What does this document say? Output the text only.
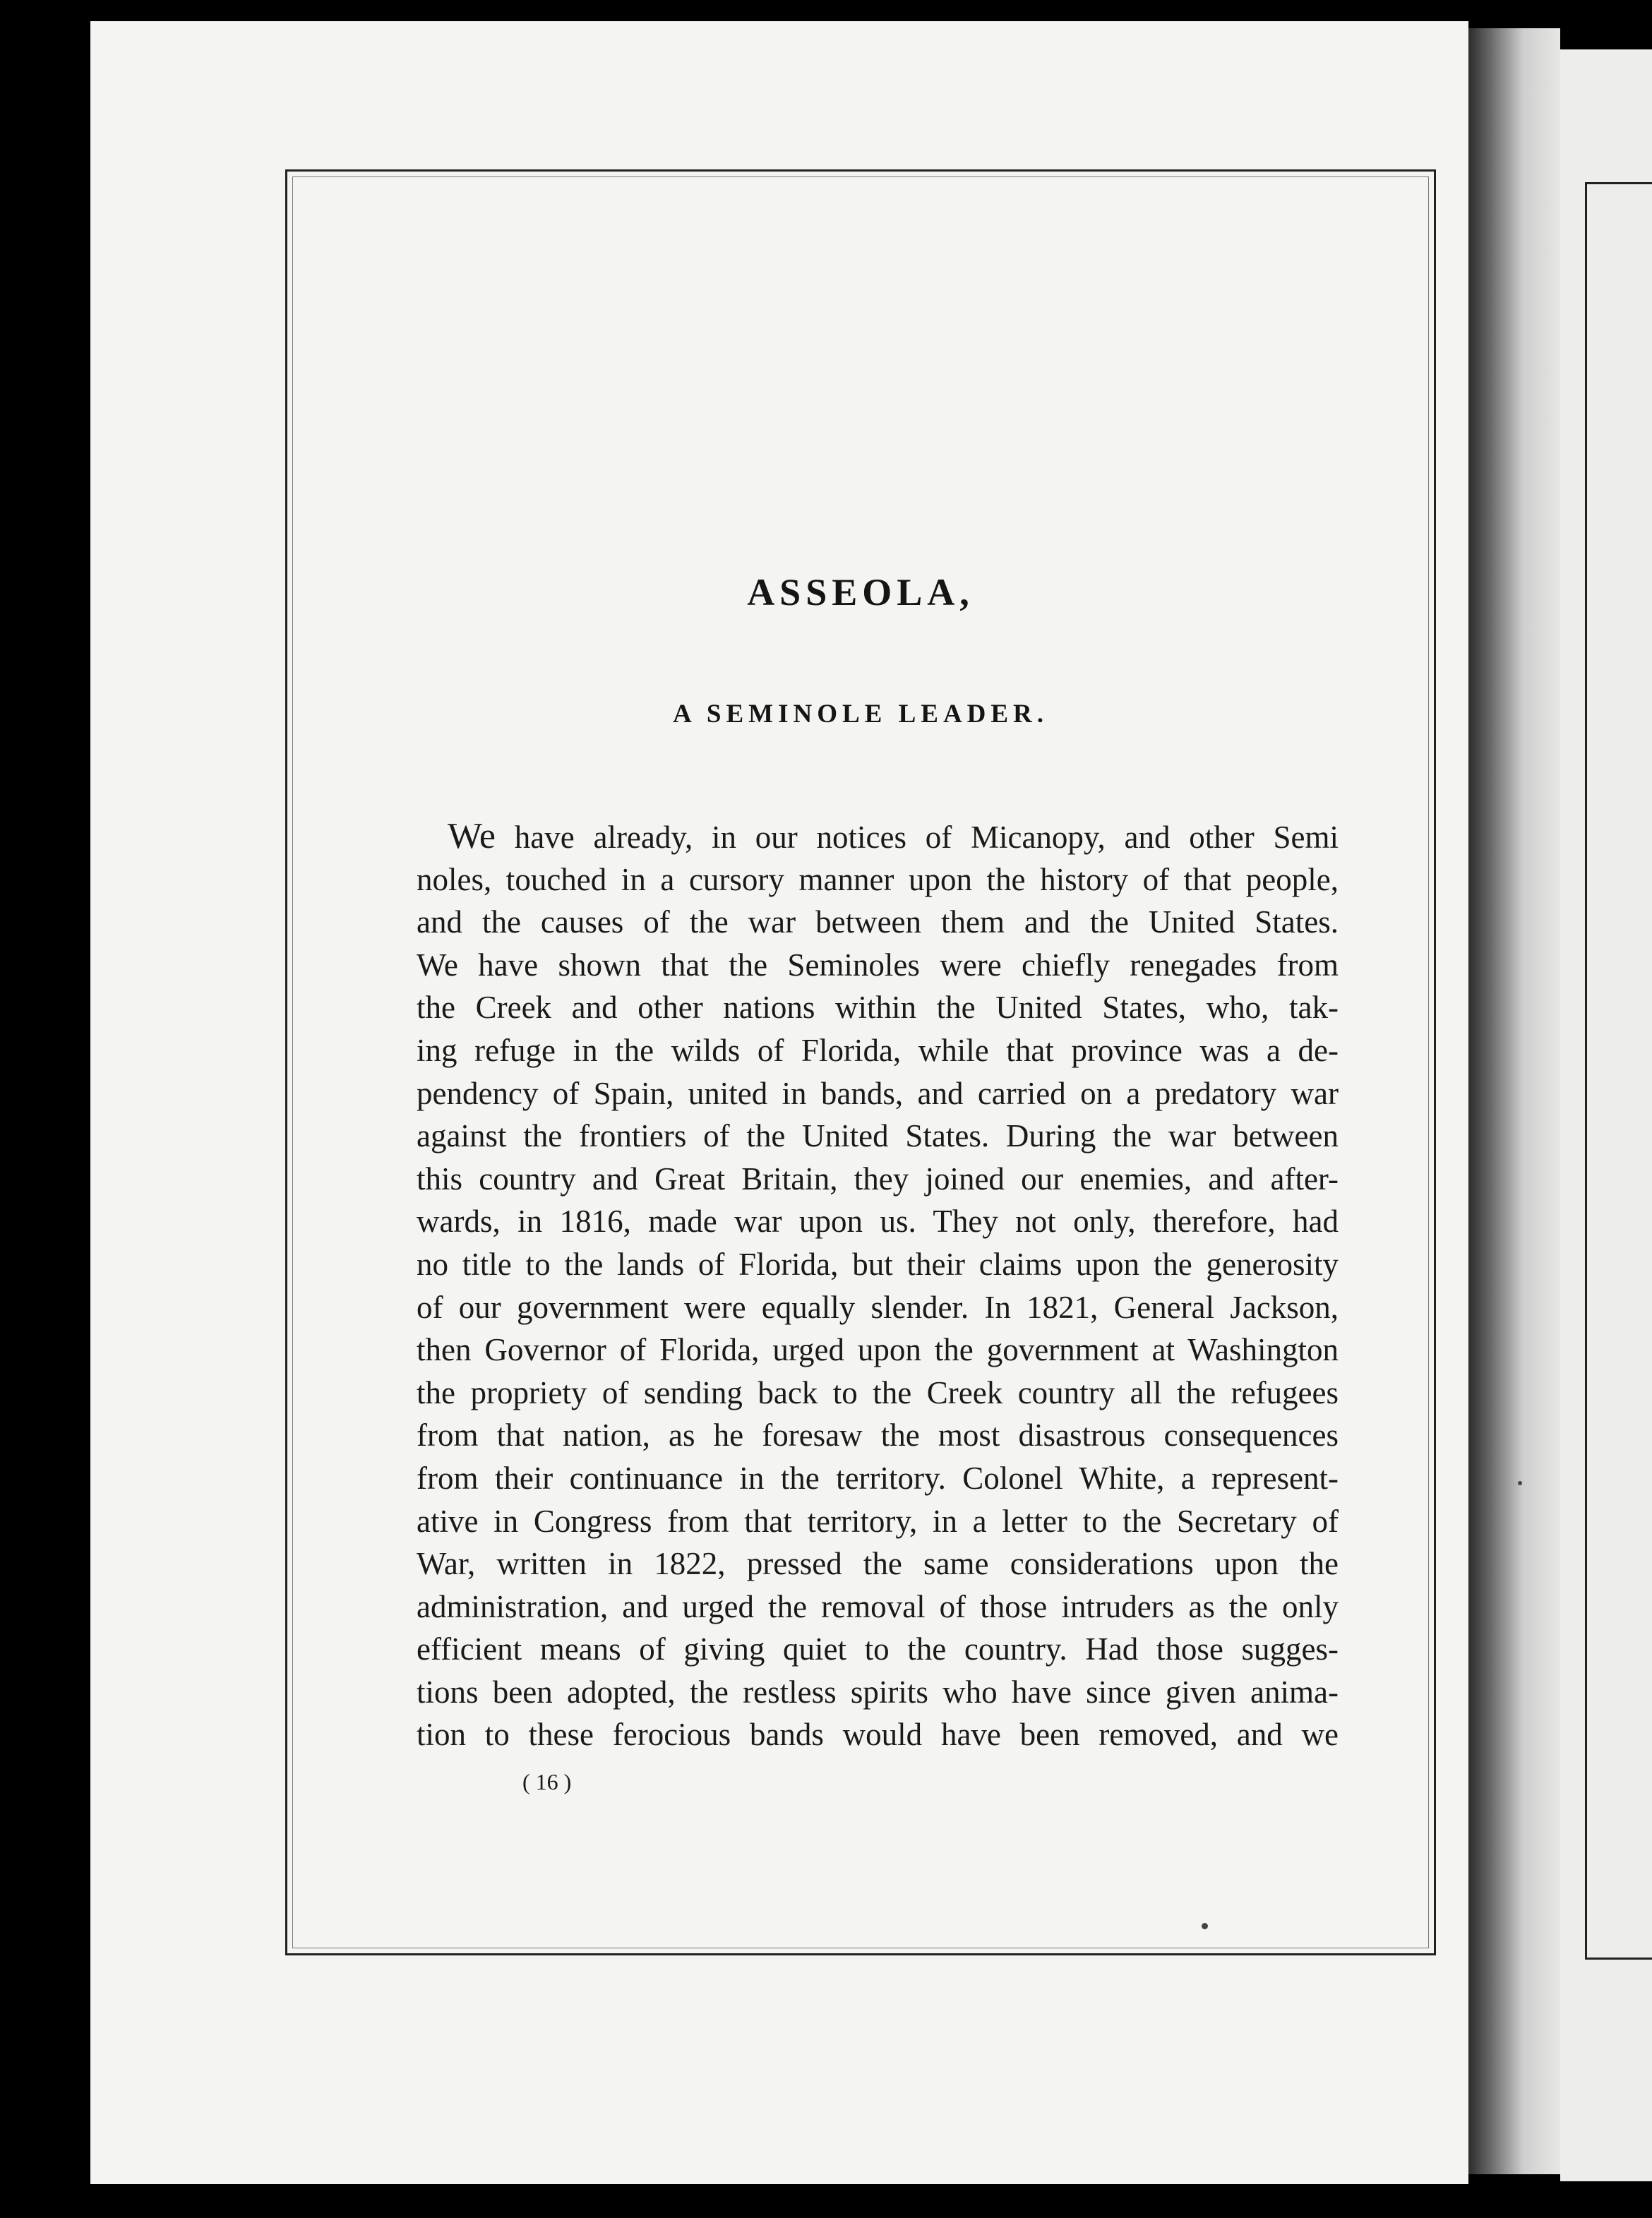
ASSEOLA,
A SEMINOLE LEADER.
We have already, in our notices of Micanopy, and other Semi
noles, touched in a cursory manner upon the history of that people,
and the causes of the war between them and the United States.
We have shown that the Seminoles were chiefly renegades from
the Creek and other nations within the United States, who, tak-
ing refuge in the wilds of Florida, while that province was a de-
pendency of Spain, united in bands, and carried on a predatory war
against the frontiers of the United States. During the war between
this country and Great Britain, they joined our enemies, and after-
wards, in 1816, made war upon us. They not only, therefore, had
no title to the lands of Florida, but their claims upon the generosity
of our government were equally slender. In 1821, General Jackson,
then Governor of Florida, urged upon the government at Washington
the propriety of sending back to the Creek country all the refugees
from that nation, as he foresaw the most disastrous consequences
from their continuance in the territory. Colonel White, a represent-
ative in Congress from that territory, in a letter to the Secretary of
War, written in 1822, pressed the same considerations upon the
administration, and urged the removal of those intruders as the only
efficient means of giving quiet to the country. Had those sugges-
tions been adopted, the restless spirits who have since given anima-
tion to these ferocious bands would have been removed, and we

( 16 )
